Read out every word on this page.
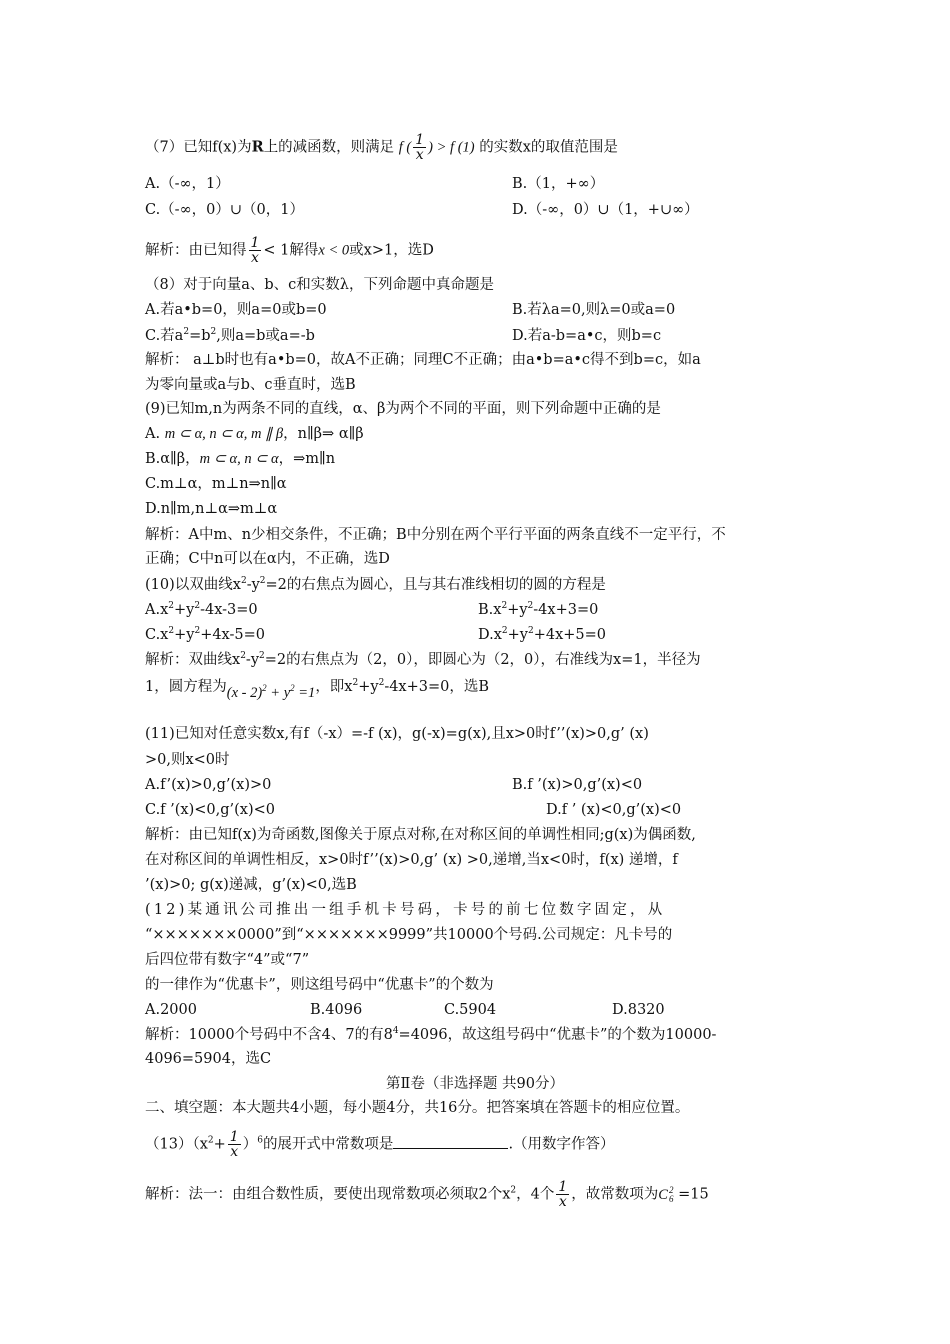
（7）已知f(x)为R上的减函数，则满足 f ( $\frac{1}{x}$ ) > f (1) 的实数x的取值范围是
A.（-∞，1）	B.（1，+∞）
C.（-∞，0）∪（0，1）	D.（-∞，0）∪（1，+∪∞）
解析：由已知得 $\frac{1}{x} < 1$解得x < 0或x>1，选D
（8）对于向量a、b、c和实数λ，下列命题中真命题是
A.若a•b=0，则a=0或b=0	B.若λa=0,则λ=0或a=0
C.若$a^2=b^2$,则a=b或a=-b	D.若a-b=a•c，则b=c
解析： a⊥b时也有a•b=0，故A不正确；同理C不正确；由a•b=a•c得不到b=c，如a
为零向量或a与b、c垂直时，选B
(9)已知m,n为两条不同的直线，α、β为两个不同的平面，则下列命题中正确的是
A. m ⊂ α, n ⊂ α, m ∥ β，n∥β⇒ α∥β
B.α∥β，m ⊂ α, n ⊂ α，⇒m∥n
C.m⊥α，m⊥n⇒n∥α
D.n∥m,n⊥α⇒m⊥α
解析：A中m、n少相交条件，不正确；B中分别在两个平行平面的两条直线不一定平行，不
正确；C中n可以在α内，不正确，选D
(10)以双曲线$x^2-y^2=2$的右焦点为圆心，且与其右准线相切的圆的方程是
$A.x^2+y^2-4x-3=0$	$B.x^2+y^2-4x+3=0$
$C.x^2+y^2+4x-5=0$	$D.x^2+y^2+4x+5=0$
解析：双曲线$x^2-y^2=2$的右焦点为（2，0），即圆心为（2，0），右准线为x=1，半径为
1，圆方程为$(x - 2)^2 + y^2 =1$，即$x^2+y^2-4x+3=0$，选B
(11)已知对任意实数x,有f（-x）=-f (x)，g(-x)=g(x),且x>0时f’’(x)>0,g’ (x)
>0,则x<0时
A.f’(x)>0,g’(x)>0	B.f ’(x)>0,g’(x)<0
C.f ’(x)<0,g’(x)<0	D.f ’ (x)<0,g’(x)<0
解析：由已知f(x)为奇函数,图像关于原点对称,在对称区间的单调性相同;g(x)为偶函数,
在对称区间的单调性相反，x>0时f’’(x)>0,g’ (x) >0,递增,当x<0时，f(x) 递增，f
’(x)>0; g(x)递减，g’(x)<0,选B
(12)某通讯公司推出一组手机卡号码，卡号的前七位数字固定，从
“×××××××0000”到“×××××××9999”共10000个号码.公司规定：凡卡号的
后四位带有数字“4”或“7”
的一律作为“优惠卡”，则这组号码中“优惠卡”的个数为
A.2000	B.4096	C.5904	D.8320
解析：10000个号码中不含4、7的有$8^4=4096$，故这组号码中“优惠卡”的个数为10000-
4096=5904，选C
第Ⅱ卷（非选择题 共90分）
二、填空题：本大题共4小题，每小题4分，共16分。把答案填在答题卡的相应位置。
$(13)(x^2+ \frac{1}{x} )^6$的展开式中常数项是	.（用数字作答）
解析：法一：由组合数性质，要使出现常数项必须取2个$x^2$，4个 $\frac{1}{x}$ ，故常数项为C 2
6 =15
